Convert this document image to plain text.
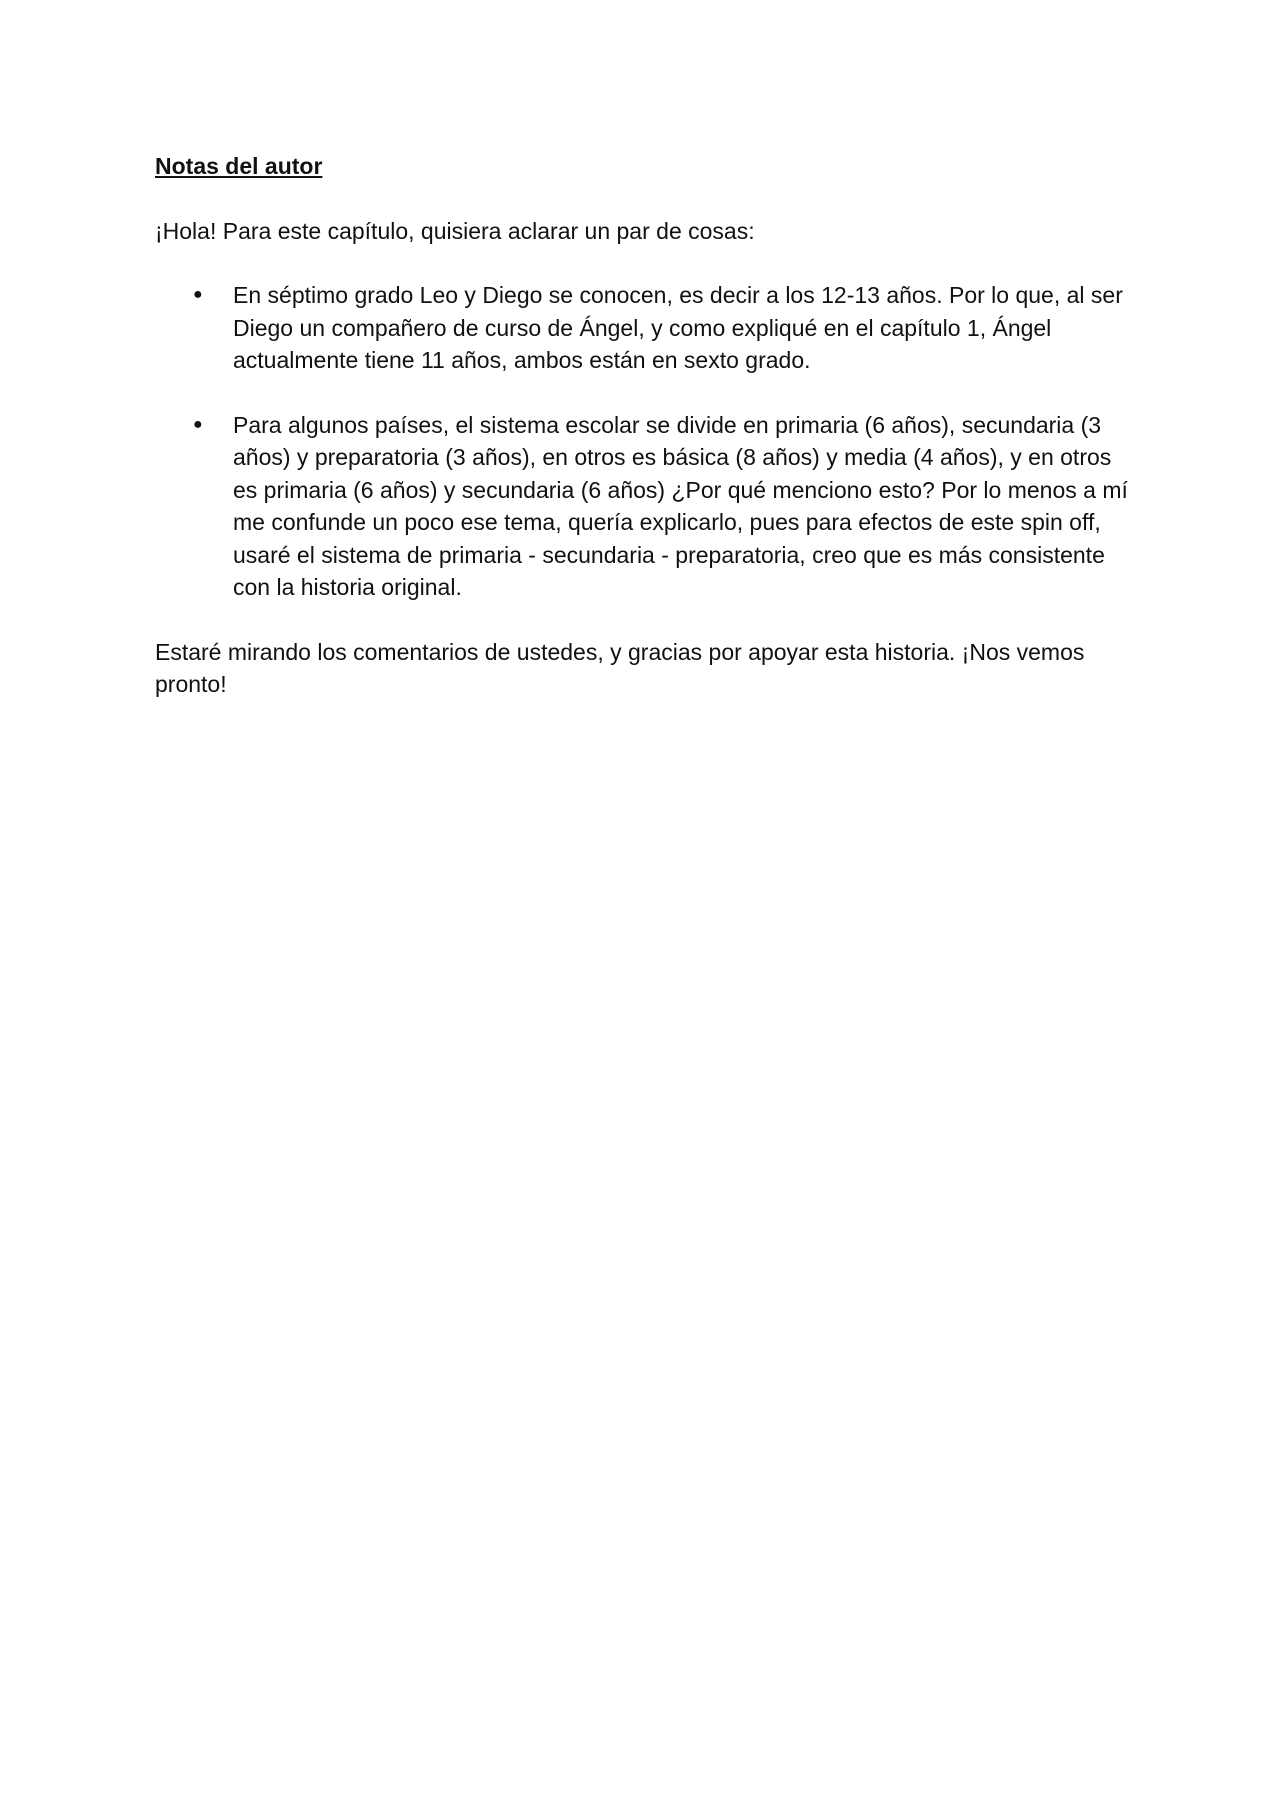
Notas del autor

¡Hola! Para este capítulo, quisiera aclarar un par de cosas:

● En séptimo grado Leo y Diego se conocen, es decir a los 12-13 años. Por lo que, al ser Diego un compañero de curso de Ángel, y como expliqué en el capítulo 1, Ángel actualmente tiene 11 años, ambos están en sexto grado.
● Para algunos países, el sistema escolar se divide en primaria (6 años), secundaria (3 años) y preparatoria (3 años), en otros es básica (8 años) y media (4 años), y en otros es primaria (6 años) y secundaria (6 años) ¿Por qué menciono esto? Por lo menos a mí me confunde un poco ese tema, quería explicarlo, pues para efectos de este spin off, usaré el sistema de primaria - secundaria - preparatoria, creo que es más consistente con la historia original.

Estaré mirando los comentarios de ustedes, y gracias por apoyar esta historia. ¡Nos vemos pronto!
